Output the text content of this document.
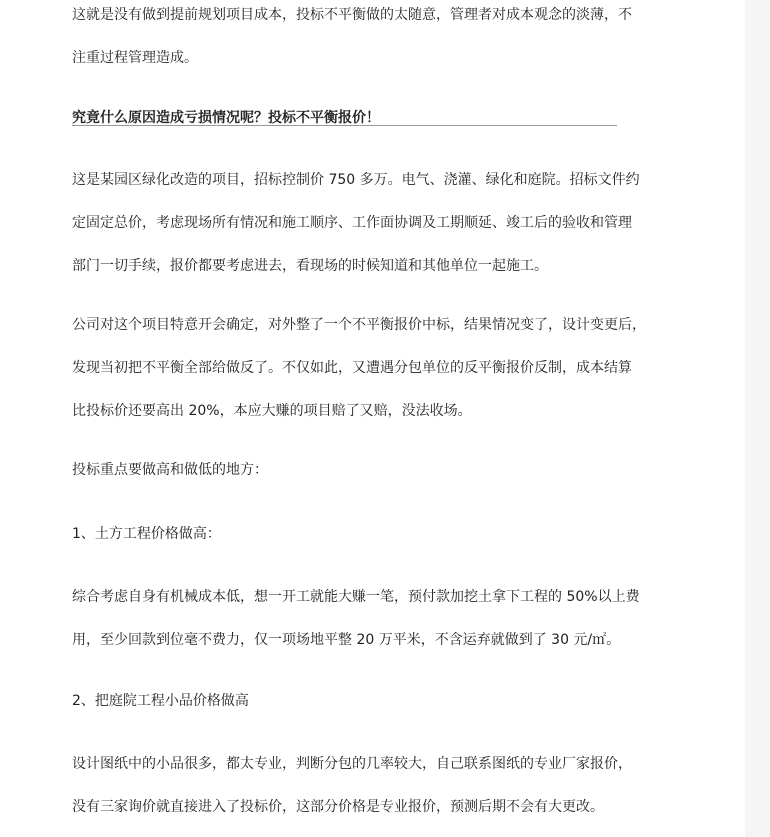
这就是没有做到提前规划项目成本，投标不平衡做的太随意，管理者对成本观念的淡薄，不
注重过程管理造成。
究竟什么原因造成亏损情况呢？投标不平衡报价！
这是某园区绿化改造的项目，招标控制价 750 多万。电气、浇灌、绿化和庭院。招标文件约
定固定总价，考虑现场所有情况和施工顺序、工作面协调及工期顺延、竣工后的验收和管理
部门一切手续，报价都要考虑进去，看现场的时候知道和其他单位一起施工。
公司对这个项目特意开会确定，对外整了一个不平衡报价中标，结果情况变了，设计变更后，
发现当初把不平衡全部给做反了。不仅如此，又遭遇分包单位的反平衡报价反制，成本结算
比投标价还要高出 20%，本应大赚的项目赔了又赔，没法收场。
投标重点要做高和做低的地方：
1、土方工程价格做高：
综合考虑自身有机械成本低，想一开工就能大赚一笔，预付款加挖土拿下工程的 50%以上费
用，至少回款到位毫不费力，仅一项场地平整 20 万平米，不含运弃就做到了 30 元/㎡。
2、把庭院工程小品价格做高
设计图纸中的小品很多，都太专业，判断分包的几率较大，自己联系图纸的专业厂家报价，
没有三家询价就直接进入了投标价，这部分价格是专业报价，预测后期不会有大更改。
